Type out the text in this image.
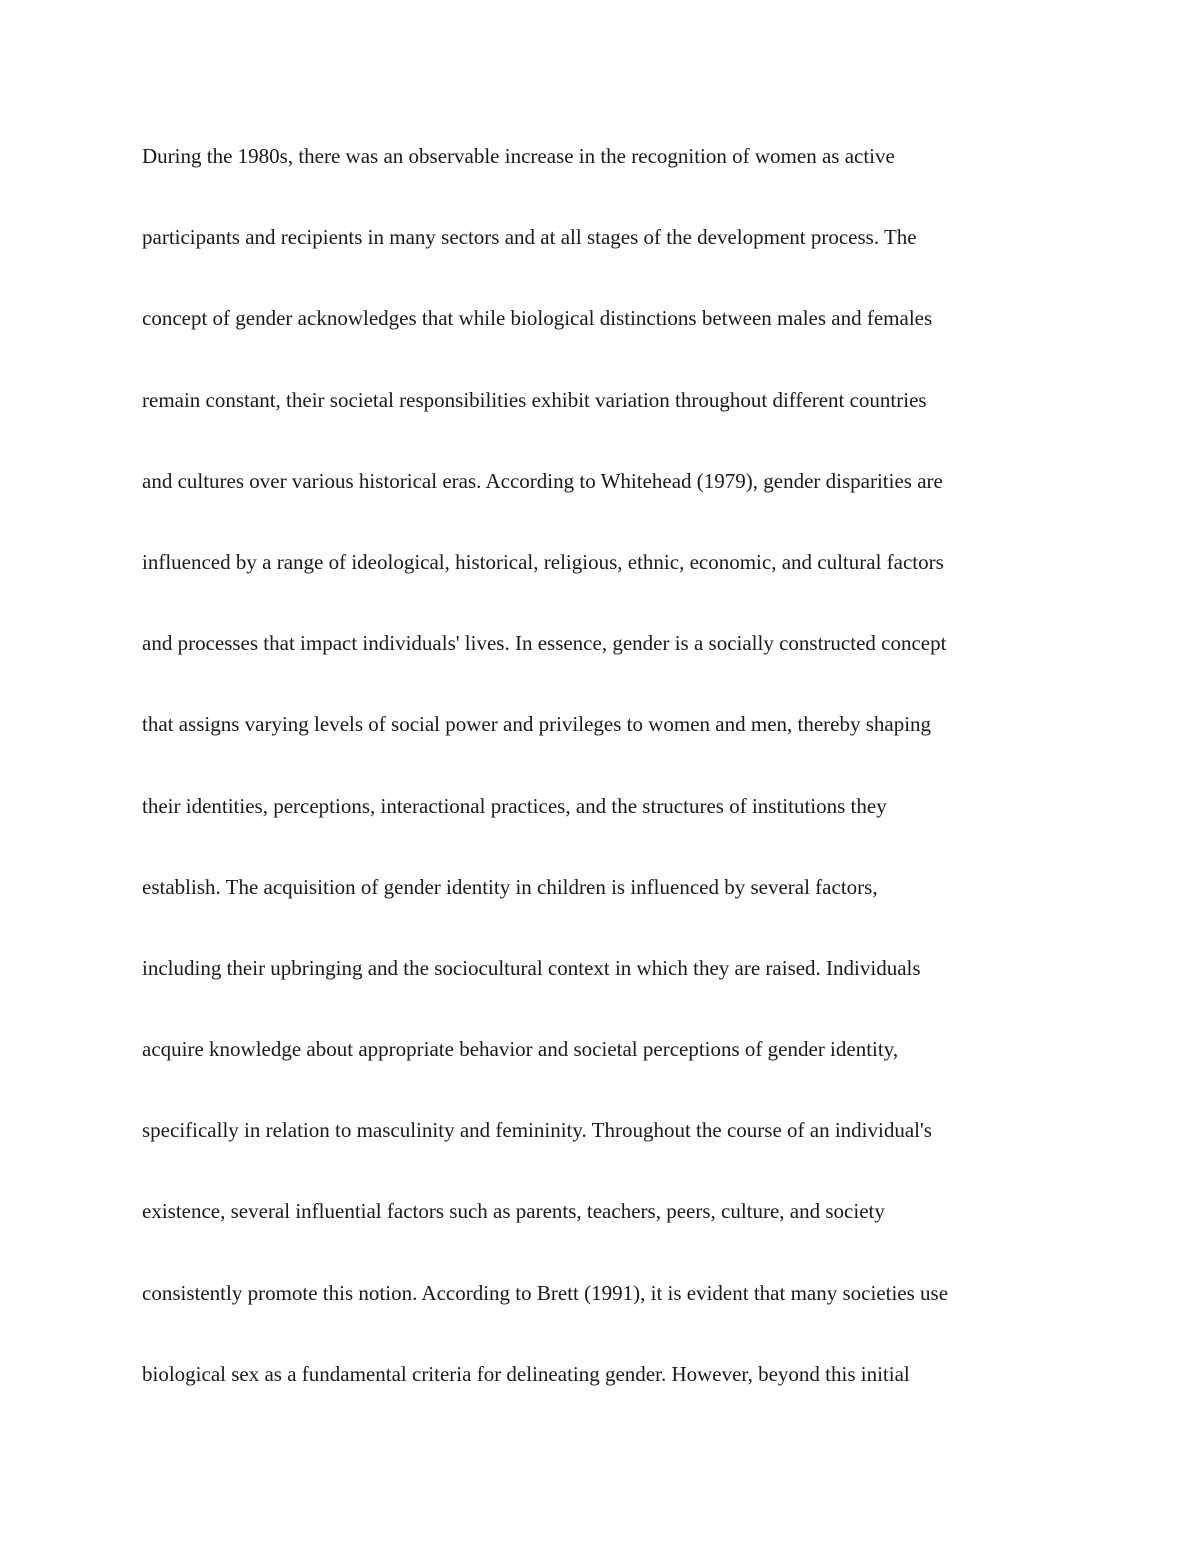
During the 1980s, there was an observable increase in the recognition of women as active
participants and recipients in many sectors and at all stages of the development process. The
concept of gender acknowledges that while biological distinctions between males and females
remain constant, their societal responsibilities exhibit variation throughout different countries
and cultures over various historical eras. According to Whitehead (1979), gender disparities are
influenced by a range of ideological, historical, religious, ethnic, economic, and cultural factors
and processes that impact individuals' lives. In essence, gender is a socially constructed concept
that assigns varying levels of social power and privileges to women and men, thereby shaping
their identities, perceptions, interactional practices, and the structures of institutions they
establish. The acquisition of gender identity in children is influenced by several factors,
including their upbringing and the sociocultural context in which they are raised. Individuals
acquire knowledge about appropriate behavior and societal perceptions of gender identity,
specifically in relation to masculinity and femininity. Throughout the course of an individual's
existence, several influential factors such as parents, teachers, peers, culture, and society
consistently promote this notion. According to Brett (1991), it is evident that many societies use
biological sex as a fundamental criteria for delineating gender. However, beyond this initial
